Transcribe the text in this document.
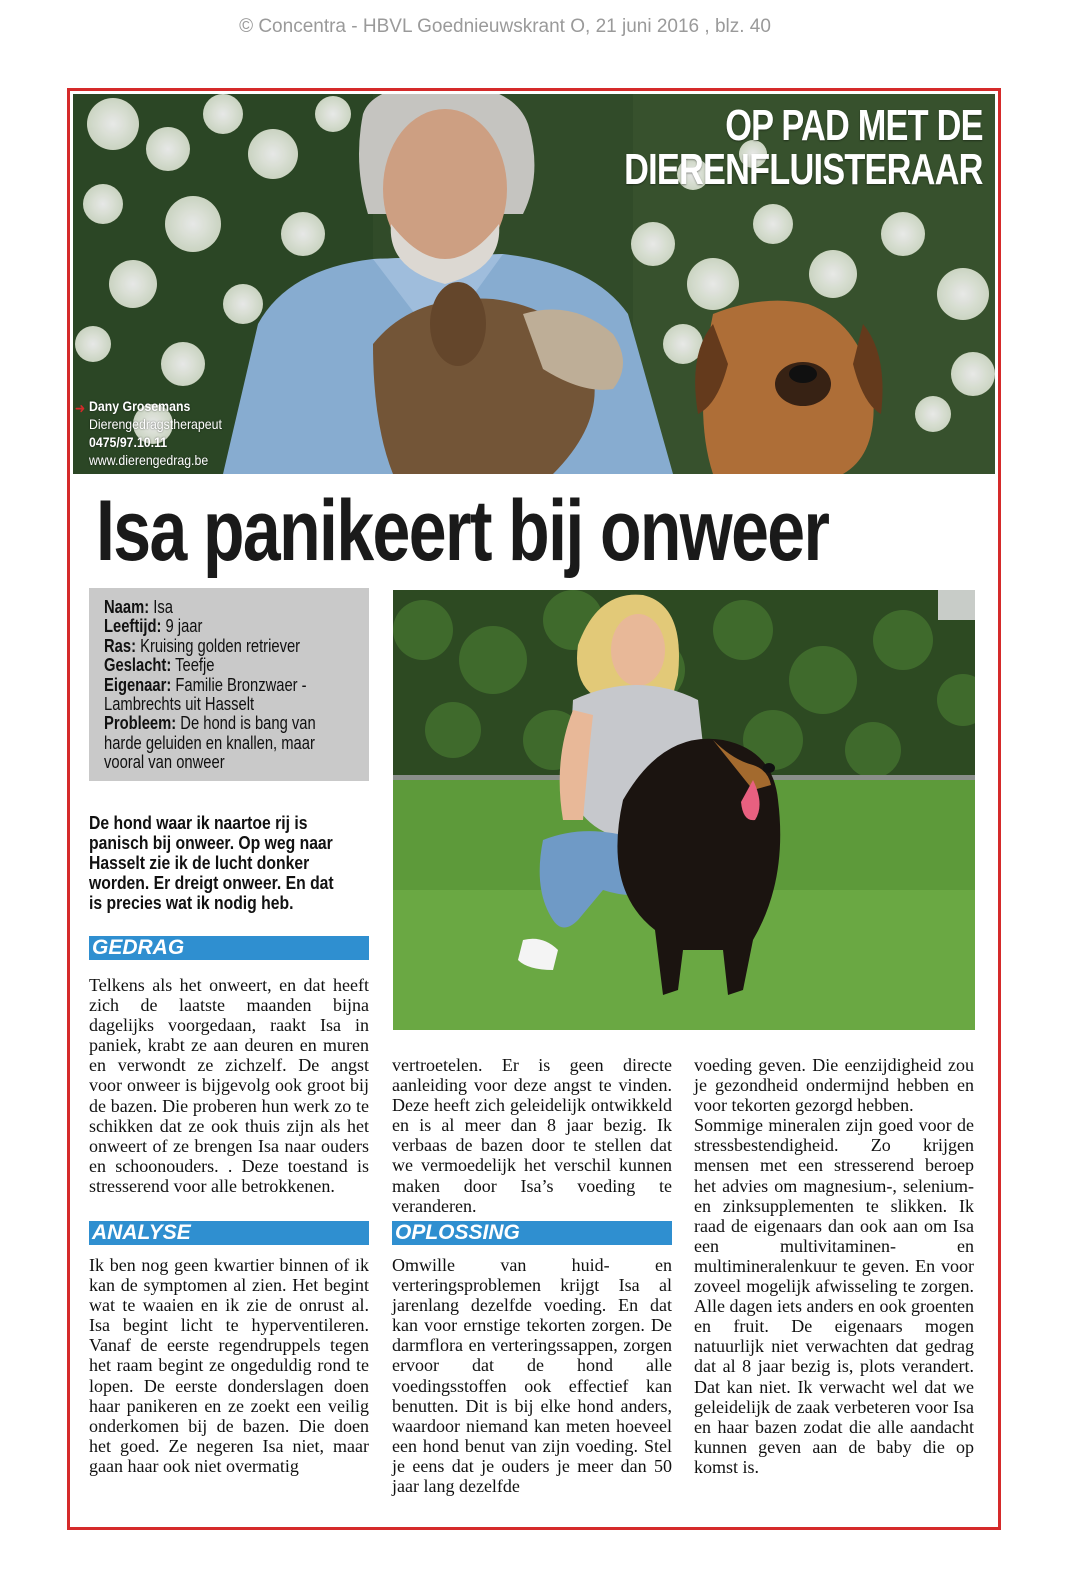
© Concentra - HBVL Goednieuwskrant O, 21 juni 2016 , blz. 40
OP PAD MET DE
DIERENFLUISTERAAR
➜ Dany Grosemans
Dierengedragstherapeut
0475/97.10.11
www.dierengedrag.be
Isa panikeert bij onweer
Naam: Isa
Leeftijd: 9 jaar
Ras: Kruising golden retriever
Geslacht: Teefje
Eigenaar: Familie Bronzwaer -
Lambrechts uit Hasselt
Probleem: De hond is bang van
harde geluiden en knallen, maar
vooral van onweer
De hond waar ik naartoe rij is panisch bij onweer. Op weg naar Hasselt zie ik de lucht donker worden. Er dreigt onweer. En dat is precies wat ik nodig heb.
GEDRAG
Telkens als het onweert, en dat heeft zich de laatste maanden bijna dagelijks voorgedaan, raakt Isa in paniek, krabt ze aan deuren en muren en verwondt ze zichzelf. De angst voor onweer is bijgevolg ook groot bij de bazen. Die proberen hun werk zo te schikken dat ze ook thuis zijn als het onweert of ze brengen Isa naar ouders en schoonouders. . Deze toestand is stresserend voor alle betrokkenen.
ANALYSE
Ik ben nog geen kwartier binnen of ik kan de symptomen al zien. Het begint wat te waaien en ik zie de onrust al. Isa begint licht te hyperventileren. Vanaf de eerste regendruppels tegen het raam begint ze ongeduldig rond te lopen. De eerste donderslagen doen haar panikeren en ze zoekt een veilig onderkomen bij de bazen. Die doen het goed. Ze negeren Isa niet, maar gaan haar ook niet overmatig
vertroetelen. Er is geen directe aanleiding voor deze angst te vinden. Deze heeft zich geleidelijk ontwikkeld en is al meer dan 8 jaar bezig. Ik verbaas de bazen door te stellen dat we vermoedelijk het verschil kunnen maken door Isa’s voeding te veranderen.
OPLOSSING
Omwille van huid- en verteringsproblemen krijgt Isa al jarenlang dezelfde voeding. En dat kan voor ernstige tekorten zorgen. De darmflora en verteringssappen, zorgen ervoor dat de hond alle voedingsstoffen ook effectief kan benutten. Dit is bij elke hond anders, waardoor niemand kan meten hoeveel een hond benut van zijn voeding. Stel je eens dat je ouders je meer dan 50 jaar lang dezelfde
voeding geven. Die eenzijdigheid zou je gezondheid ondermijnd hebben en voor tekorten gezorgd hebben.
Sommige mineralen zijn goed voor de stressbestendigheid. Zo krijgen mensen met een stresserend beroep het advies om magnesium-, selenium- en zinksupplementen te slikken. Ik raad de eigenaars dan ook aan om Isa een multivitaminen- en multimineralenkuur te geven. En voor zoveel mogelijk afwisseling te zorgen. Alle dagen iets anders en ook groenten en fruit. De eigenaars mogen natuurlijk niet verwachten dat gedrag dat al 8 jaar bezig is, plots verandert. Dat kan niet. Ik verwacht wel dat we geleidelijk de zaak verbeteren voor Isa en haar bazen zodat die alle aandacht kunnen geven aan de baby die op komst is.
